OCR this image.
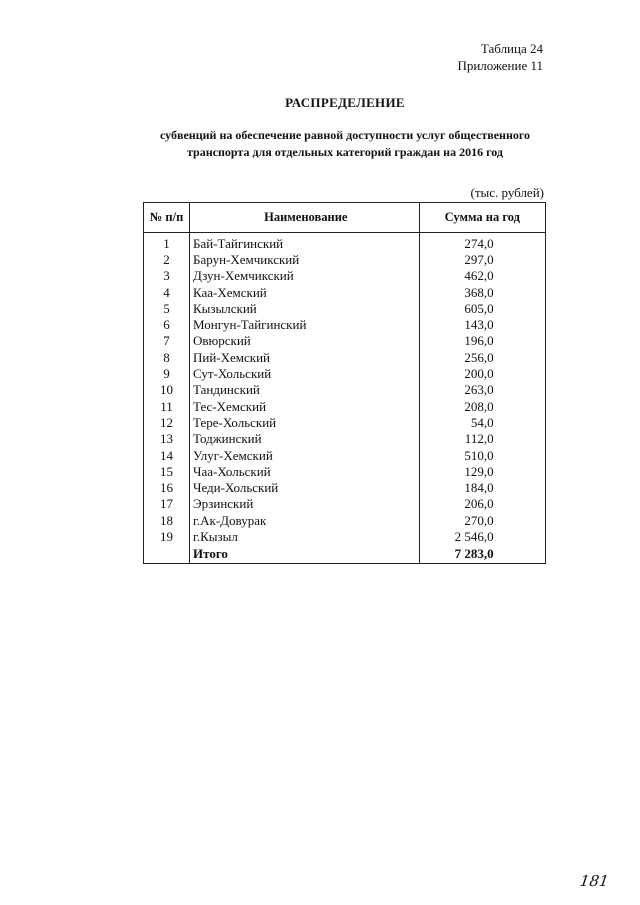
Таблица 24
Приложение 11
РАСПРЕДЕЛЕНИЕ
субвенций на обеспечение равной доступности услуг общественного
транспорта для отдельных категорий граждан на 2016 год
(тыс. рублей)
№ п/п	Наименование	Сумма на год
1	Бай-Тайгинский	274,0
2	Барун-Хемчикский	297,0
3	Дзун-Хемчикский	462,0
4	Каа-Хемский	368,0
5	Кызылский	605,0
6	Монгун-Тайгинский	143,0
7	Овюрский	196,0
8	Пий-Хемский	256,0
9	Сут-Хольский	200,0
10	Тандинский	263,0
11	Тес-Хемский	208,0
12	Тере-Хольский	54,0
13	Тоджинский	112,0
14	Улуг-Хемский	510,0
15	Чаа-Хольский	129,0
16	Чеди-Хольский	184,0
17	Эрзинский	206,0
18	г.Ак-Довурак	270,0
19	г.Кызыл	2 546,0
	Итого	7 283,0
181
